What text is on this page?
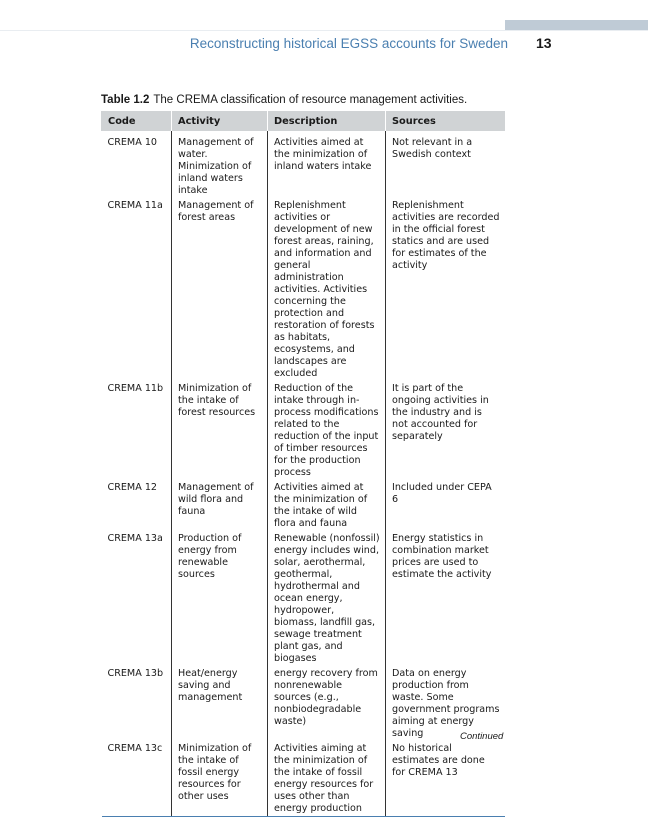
Reconstructing historical EGSS accounts for Sweden 13
Table 1.2 The CREMA classification of resource management activities.
Code	Activity	Description	Sources

CREMA 10	Management of water. Minimization of inland waters intake	Activities aimed at the minimization of inland waters intake	Not relevant in a Swedish context

CREMA 11a	Management of forest areas	Replenishment activities or development of new forest areas, raining, and information and general administration activities. Activities concerning the protection and restoration of forests as habitats, ecosystems, and landscapes are excluded	Replenishment activities are recorded in the official forest statics and are used for estimates of the activity

CREMA 11b	Minimization of the intake of forest resources	Reduction of the intake through in-process modifications related to the reduction of the input of timber resources for the production process	It is part of the ongoing activities in the industry and is not accounted for separately

CREMA 12	Management of wild flora and fauna	Activities aimed at the minimization of the intake of wild flora and fauna	Included under CEPA 6

CREMA 13a	Production of energy from renewable sources	Renewable (nonfossil) energy includes wind, solar, aerothermal, geothermal, hydrothermal and ocean energy, hydropower, biomass, landfill gas, sewage treatment plant gas, and biogases	Energy statistics in combination market prices are used to estimate the activity

CREMA 13b	Heat/energy saving and management	energy recovery from nonrenewable sources (e.g., nonbiodegradable waste)	Data on energy production from waste. Some government programs aiming at energy saving

CREMA 13c	Minimization of the intake of fossil energy resources for other uses	Activities aiming at the minimization of the intake of fossil energy resources for uses other than energy production	No historical estimates are done for CREMA 13
Continued
